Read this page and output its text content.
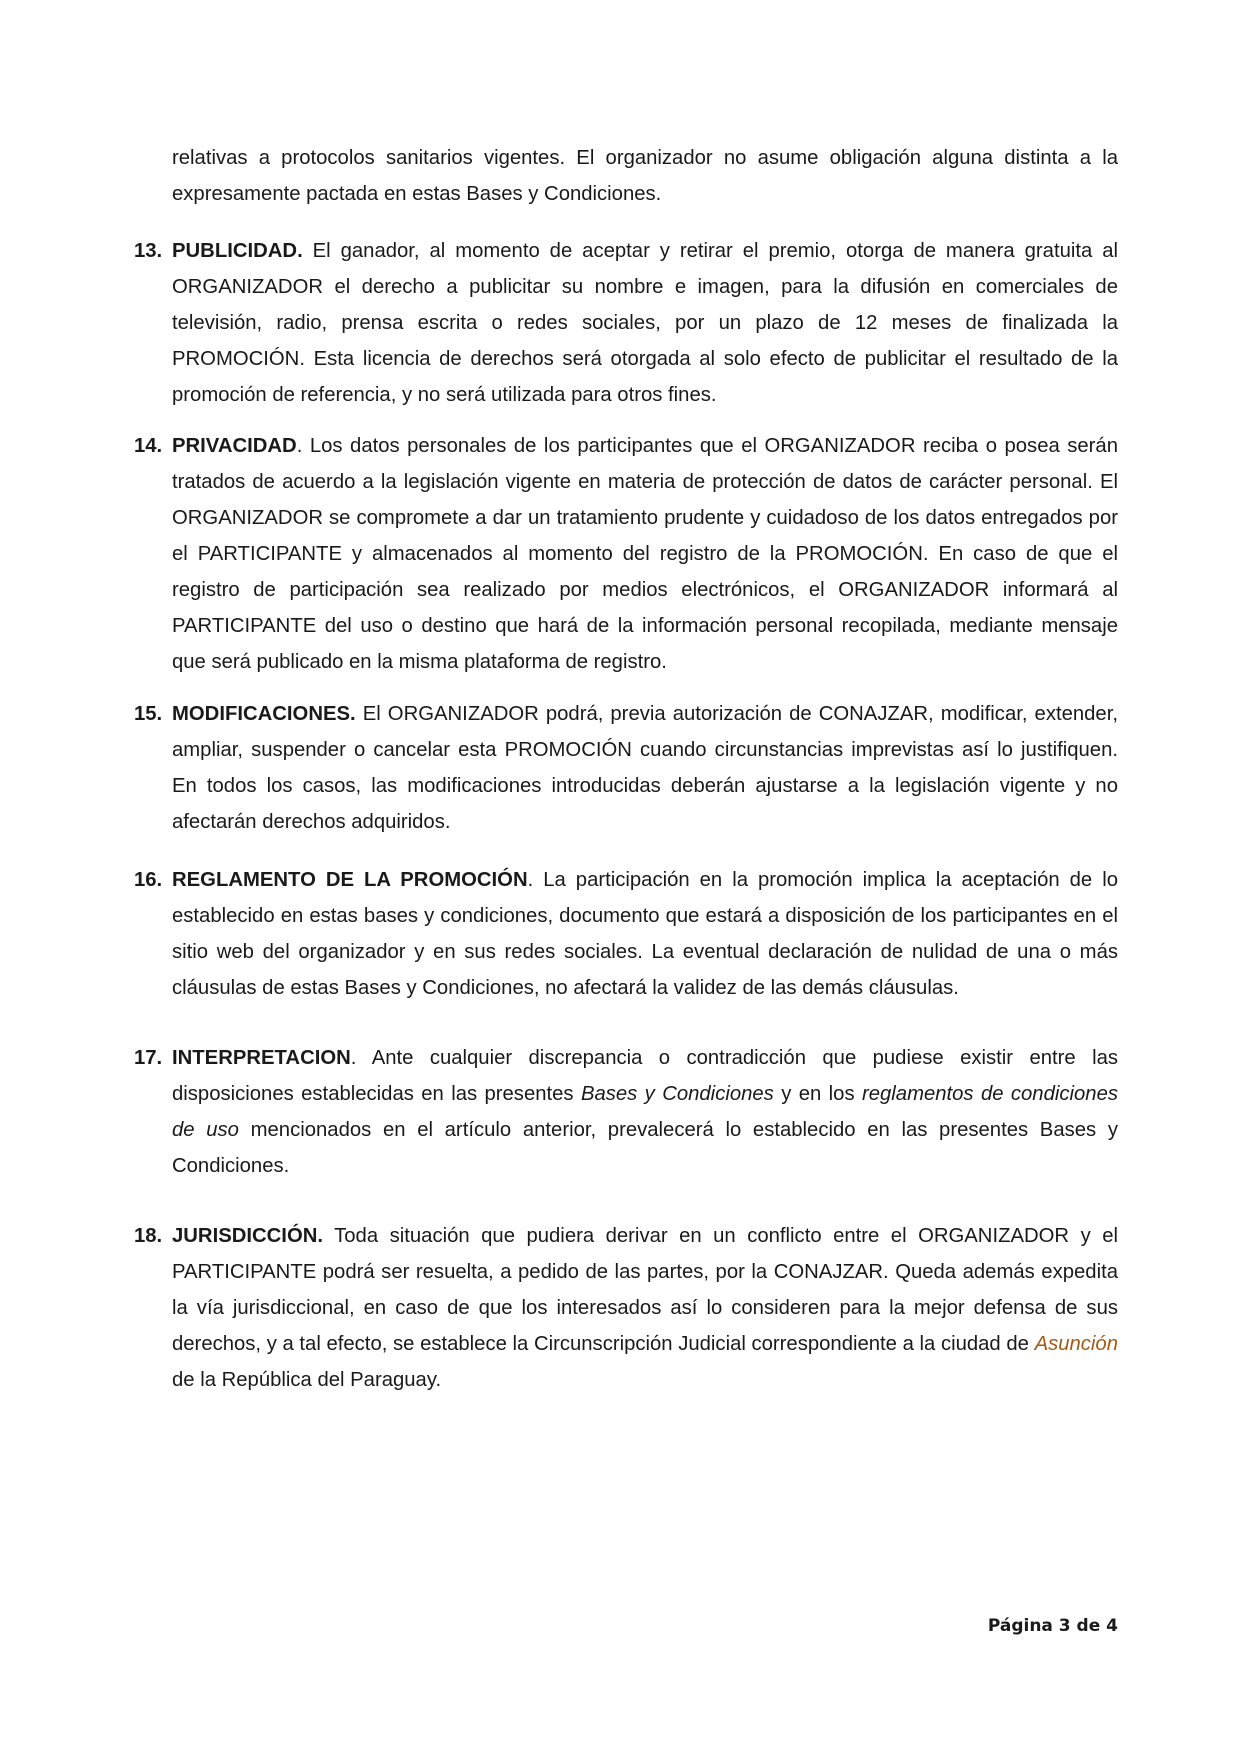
relativas a protocolos sanitarios vigentes. El organizador no asume obligación alguna distinta a la expresamente pactada en estas Bases y Condiciones.

13. PUBLICIDAD. El ganador, al momento de aceptar y retirar el premio, otorga de manera gratuita al ORGANIZADOR el derecho a publicitar su nombre e imagen, para la difusión en comerciales de televisión, radio, prensa escrita o redes sociales, por un plazo de 12 meses de finalizada la PROMOCIÓN. Esta licencia de derechos será otorgada al solo efecto de publicitar el resultado de la promoción de referencia, y no será utilizada para otros fines.

14. PRIVACIDAD. Los datos personales de los participantes que el ORGANIZADOR reciba o posea serán tratados de acuerdo a la legislación vigente en materia de protección de datos de carácter personal. El ORGANIZADOR se compromete a dar un tratamiento prudente y cuidadoso de los datos entregados por el PARTICIPANTE y almacenados al momento del registro de la PROMOCIÓN. En caso de que el registro de participación sea realizado por medios electrónicos, el ORGANIZADOR informará al PARTICIPANTE del uso o destino que hará de la información personal recopilada, mediante mensaje que será publicado en la misma plataforma de registro.

15. MODIFICACIONES. El ORGANIZADOR podrá, previa autorización de CONAJZAR, modificar, extender, ampliar, suspender o cancelar esta PROMOCIÓN cuando circunstancias imprevistas así lo justifiquen. En todos los casos, las modificaciones introducidas deberán ajustarse a la legislación vigente y no afectarán derechos adquiridos.

16. REGLAMENTO DE LA PROMOCIÓN. La participación en la promoción implica la aceptación de lo establecido en estas bases y condiciones, documento que estará a disposición de los participantes en el sitio web del organizador y en sus redes sociales. La eventual declaración de nulidad de una o más cláusulas de estas Bases y Condiciones, no afectará la validez de las demás cláusulas.

17. INTERPRETACION. Ante cualquier discrepancia o contradicción que pudiese existir entre las disposiciones establecidas en las presentes Bases y Condiciones y en los reglamentos de condiciones de uso mencionados en el artículo anterior, prevalecerá lo establecido en las presentes Bases y Condiciones.

18. JURISDICCIÓN. Toda situación que pudiera derivar en un conflicto entre el ORGANIZADOR y el PARTICIPANTE podrá ser resuelta, a pedido de las partes, por la CONAJZAR. Queda además expedita la vía jurisdiccional, en caso de que los interesados así lo consideren para la mejor defensa de sus derechos, y a tal efecto, se establece la Circunscripción Judicial correspondiente a la ciudad de Asunción de la República del Paraguay.

Página 3 de 4
